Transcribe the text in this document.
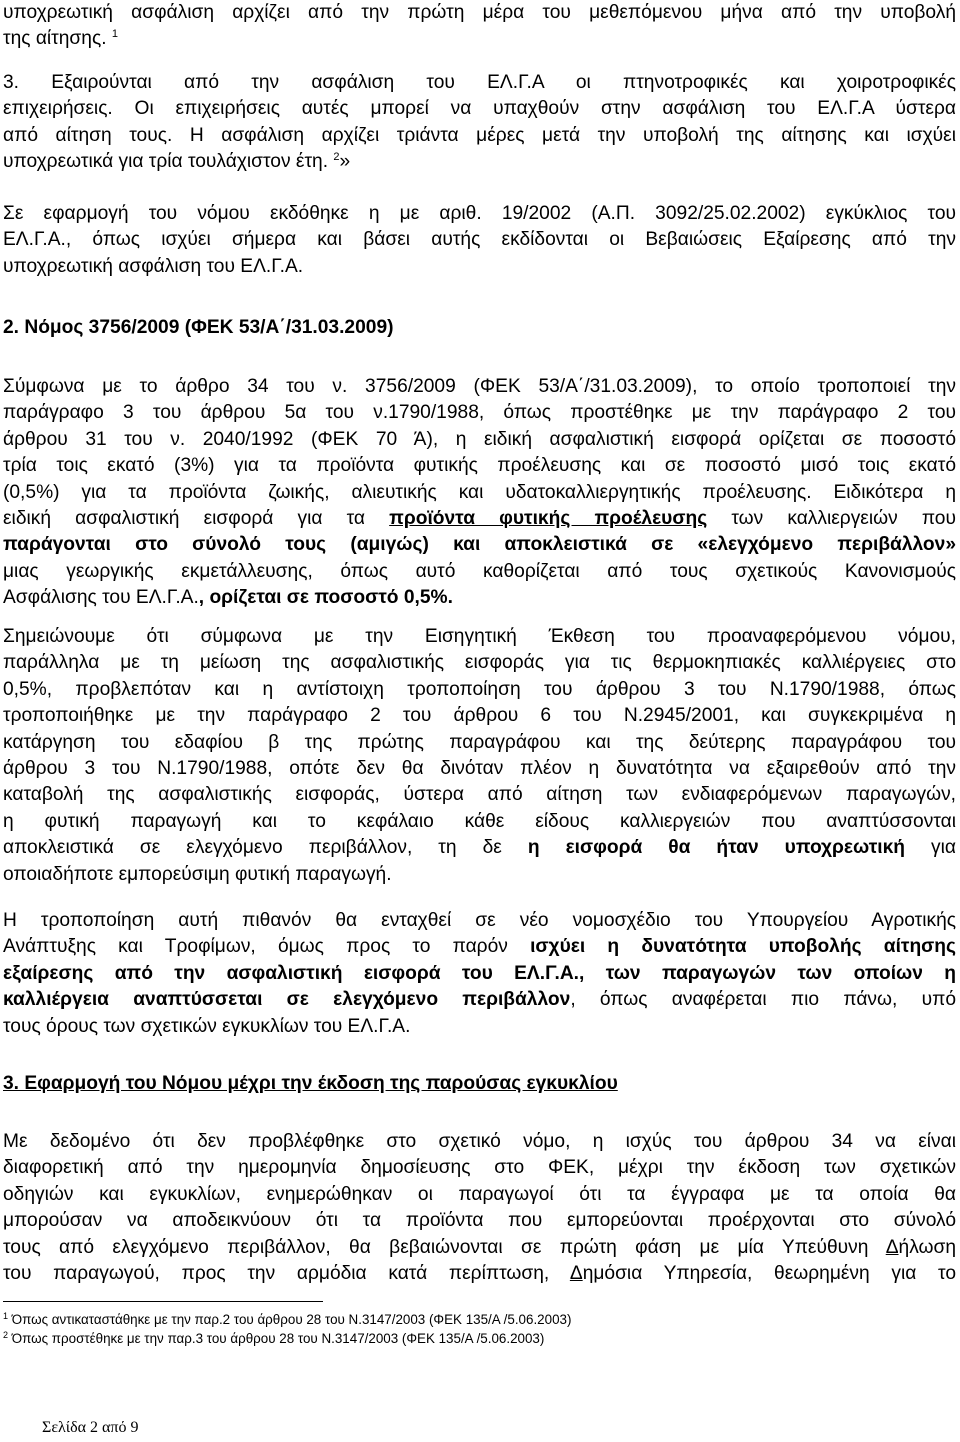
υποχρεωτική ασφάλιση αρχίζει από την πρώτη μέρα του μεθεπόμενου μήνα από την υποβολή
της αίτησης. $^1$
3. Εξαιρούνται από την ασφάλιση του ΕΛ.Γ.Α οι πτηνοτροφικές και χοιροτροφικές
επιχειρήσεις. Οι επιχειρήσεις αυτές μπορεί να υπαχθούν στην ασφάλιση του ΕΛ.Γ.Α ύστερα
από αίτηση τους. Η ασφάλιση αρχίζει τριάντα μέρες μετά την υποβολή της αίτησης και ισχύει
υποχρεωτικά για τρία τουλάχιστον έτη. $^2$»
Σε εφαρμογή του νόμου εκδόθηκε η με αριθ. 19/2002 (Α.Π. 3092/25.02.2002) εγκύκλιος του
ΕΛ.Γ.Α., όπως ισχύει σήμερα και βάσει αυτής εκδίδονται οι Βεβαιώσεις Εξαίρεσης από την
υποχρεωτική ασφάλιση του ΕΛ.Γ.Α.
2. Νόμος 3756/2009 (ΦΕΚ 53/Α΄/31.03.2009)
Σύμφωνα με το άρθρο 34 του ν. 3756/2009 (ΦΕΚ 53/Α΄/31.03.2009), το οποίο τροποποιεί την
παράγραφο 3 του άρθρου 5α του ν.1790/1988, όπως προστέθηκε με την παράγραφο 2 του
άρθρου 31 του ν. 2040/1992 (ΦΕΚ 70 Ά), η ειδική ασφαλιστική εισφορά ορίζεται σε ποσοστό
τρία τοις εκατό (3%) για τα προϊόντα φυτικής προέλευσης και σε ποσοστό μισό τοις εκατό
(0,5%) για τα προϊόντα ζωικής, αλιευτικής και υδατοκαλλιεργητικής προέλευσης. Ειδικότερα η
ειδική ασφαλιστική εισφορά για τα προϊόντα φυτικής προέλευσης των καλλιεργειών που
παράγονται στο σύνολό τους (αμιγώς) και αποκλειστικά σε «ελεγχόμενο περιβάλλον»
μιας γεωργικής εκμετάλλευσης, όπως αυτό καθορίζεται από τους σχετικούς Κανονισμούς
Ασφάλισης του ΕΛ.Γ.Α., ορίζεται σε ποσοστό 0,5%.
Σημειώνουμε ότι σύμφωνα με την Εισηγητική Έκθεση του προαναφερόμενου νόμου,
παράλληλα με τη μείωση της ασφαλιστικής εισφοράς για τις θερμοκηπιακές καλλιέργειες στο
0,5%, προβλεπόταν και η αντίστοιχη τροποποίηση του άρθρου 3 του Ν.1790/1988, όπως
τροποποιήθηκε με την παράγραφο 2 του άρθρου 6 του Ν.2945/2001, και συγκεκριμένα η
κατάργηση του εδαφίου β της πρώτης παραγράφου και της δεύτερης παραγράφου του
άρθρου 3 του Ν.1790/1988, οπότε δεν θα δινόταν πλέον η δυνατότητα να εξαιρεθούν από την
καταβολή της ασφαλιστικής εισφοράς, ύστερα από αίτηση των ενδιαφερόμενων παραγωγών,
η φυτική παραγωγή και το κεφάλαιο κάθε είδους καλλιεργειών που αναπτύσσονται
αποκλειστικά σε ελεγχόμενο περιβάλλον, τη δε η εισφορά θα ήταν υποχρεωτική για
οποιαδήποτε εμπορεύσιμη φυτική παραγωγή.
Η τροποποίηση αυτή πιθανόν θα ενταχθεί σε νέο νομοσχέδιο του Υπουργείου Αγροτικής
Ανάπτυξης και Τροφίμων, όμως προς το παρόν ισχύει η δυνατότητα υποβολής αίτησης
εξαίρεσης από την ασφαλιστική εισφορά του ΕΛ.Γ.Α., των παραγωγών των οποίων η
καλλιέργεια αναπτύσσεται σε ελεγχόμενο περιβάλλον, όπως αναφέρεται πιο πάνω, υπό
τους όρους των σχετικών εγκυκλίων του ΕΛ.Γ.Α.
3. Εφαρμογή του Νόμου μέχρι την έκδοση της παρούσας εγκυκλίου
Με δεδομένο ότι δεν προβλέφθηκε στο σχετικό νόμο, η ισχύς του άρθρου 34 να είναι
διαφορετική από την ημερομηνία δημοσίευσης στο ΦΕΚ, μέχρι την έκδοση των σχετικών
οδηγιών και εγκυκλίων, ενημερώθηκαν οι παραγωγοί ότι τα έγγραφα με τα οποία θα
μπορούσαν να αποδεικνύουν ότι τα προϊόντα που εμπορεύονται προέρχονται στο σύνολό
τους από ελεγχόμενο περιβάλλον, θα βεβαιώνονται σε πρώτη φάση με μία Υπεύθυνη Δήλωση
του παραγωγού, προς την αρμόδια κατά περίπτωση, Δημόσια Υπηρεσία, θεωρημένη για το
$^1$ Όπως αντικαταστάθηκε με την παρ.2 του άρθρου 28 του Ν.3147/2003 (ΦΕΚ 135/Α /5.06.2003)
$^2$ Όπως προστέθηκε με την παρ.3 του άρθρου 28 του Ν.3147/2003 (ΦΕΚ 135/Α /5.06.2003)
Σελίδα 2 από 9
